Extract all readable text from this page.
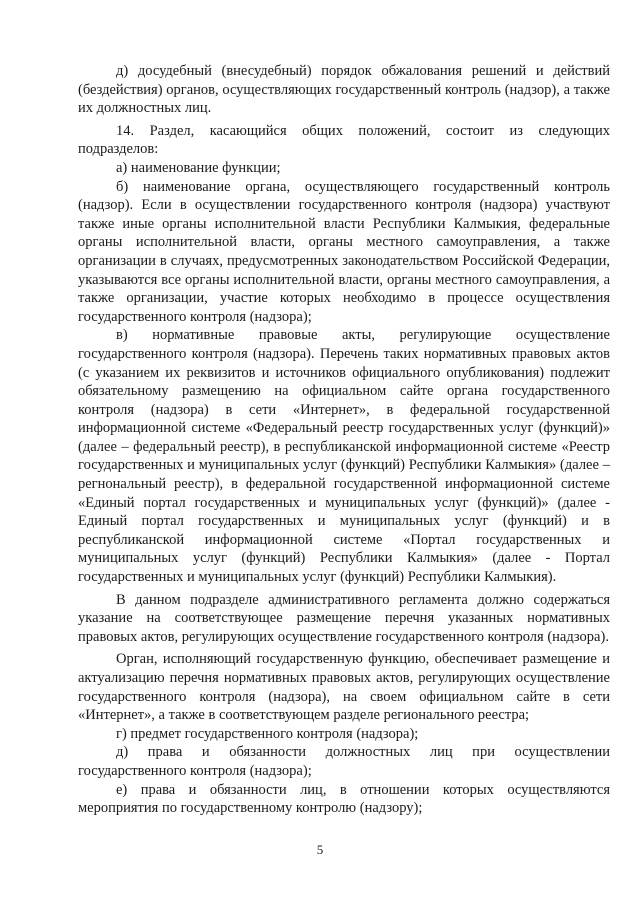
д) досудебный (внесудебный) порядок обжалования решений и действий (бездействия) органов, осуществляющих государственный контроль (надзор), а также их должностных лиц.

14. Раздел, касающийся общих положений, состоит из следующих подразделов:

а) наименование функции;

б) наименование органа, осуществляющего государственный контроль (надзор). Если в осуществлении государственного контроля (надзора) участвуют также иные органы исполнительной власти Республики Калмыкия, федеральные органы исполнительной власти, органы местного самоуправления, а также организации в случаях, предусмотренных законодательством Российской Федерации, указываются все органы исполнительной власти, органы местного самоуправления, а также организации, участие которых необходимо в процессе осуществления государственного контроля (надзора);

в) нормативные правовые акты, регулирующие осуществление государственного контроля (надзора). Перечень таких нормативных правовых актов (с указанием их реквизитов и источников официального опубликования) подлежит обязательному размещению на официальном сайте органа государственного контроля (надзора) в сети «Интернет», в федеральной государственной информационной системе «Федеральный реестр государственных услуг (функций)» (далее – федеральный реестр), в республиканской информационной системе «Реестр государственных и муниципальных услуг (функций) Республики Калмыкия» (далее – регнональный реестр), в федеральной государственной информационной системе «Единый портал государственных и муниципальных услуг (функций)» (далее - Единый портал государственных и муниципальных услуг (функций) и в республиканской информационной системе «Портал государственных и муниципальных услуг (функций) Республики Калмыкия» (далее - Портал государственных и муниципальных услуг (функций) Республики Калмыкия).

В данном подразделе административного регламента должно содержаться указание на соответствующее размещение перечня указанных нормативных правовых актов, регулирующих осуществление государственного контроля (надзора).

Орган, исполняющий государственную функцию, обеспечивает размещение и актуализацию перечня нормативных правовых актов, регулирующих осуществление государственного контроля (надзора), на своем официальном сайте в сети «Интернет», а также в соответствующем разделе регионального реестра;

г) предмет государственного контроля (надзора);

д) права и обязанности должностных лиц при осуществлении государственного контроля (надзора);

е) права и обязанности лиц, в отношении которых осуществляются мероприятия по государственному контролю (надзору);

5
